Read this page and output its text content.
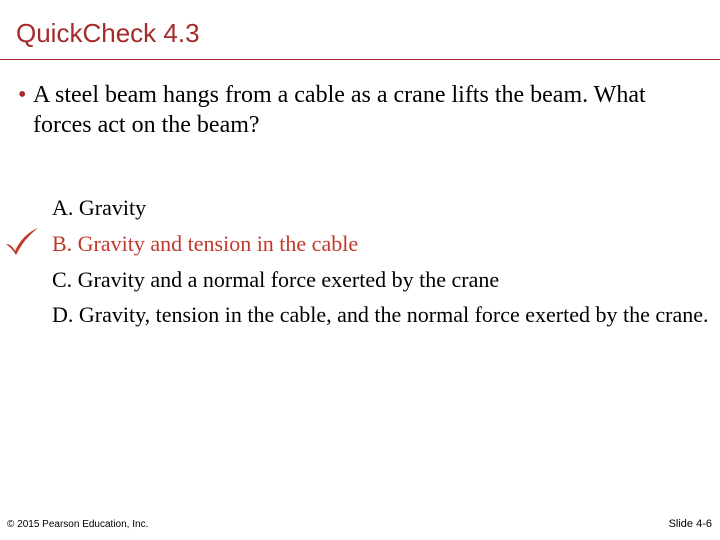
QuickCheck 4.3
• A steel beam hangs from a cable as a crane lifts the beam. What forces act on the beam?
A. Gravity
B. Gravity and tension in the cable
C. Gravity and a normal force exerted by the crane
D. Gravity, tension in the cable, and the normal force exerted by the crane.
© 2015 Pearson Education, Inc.	Slide 4-6
